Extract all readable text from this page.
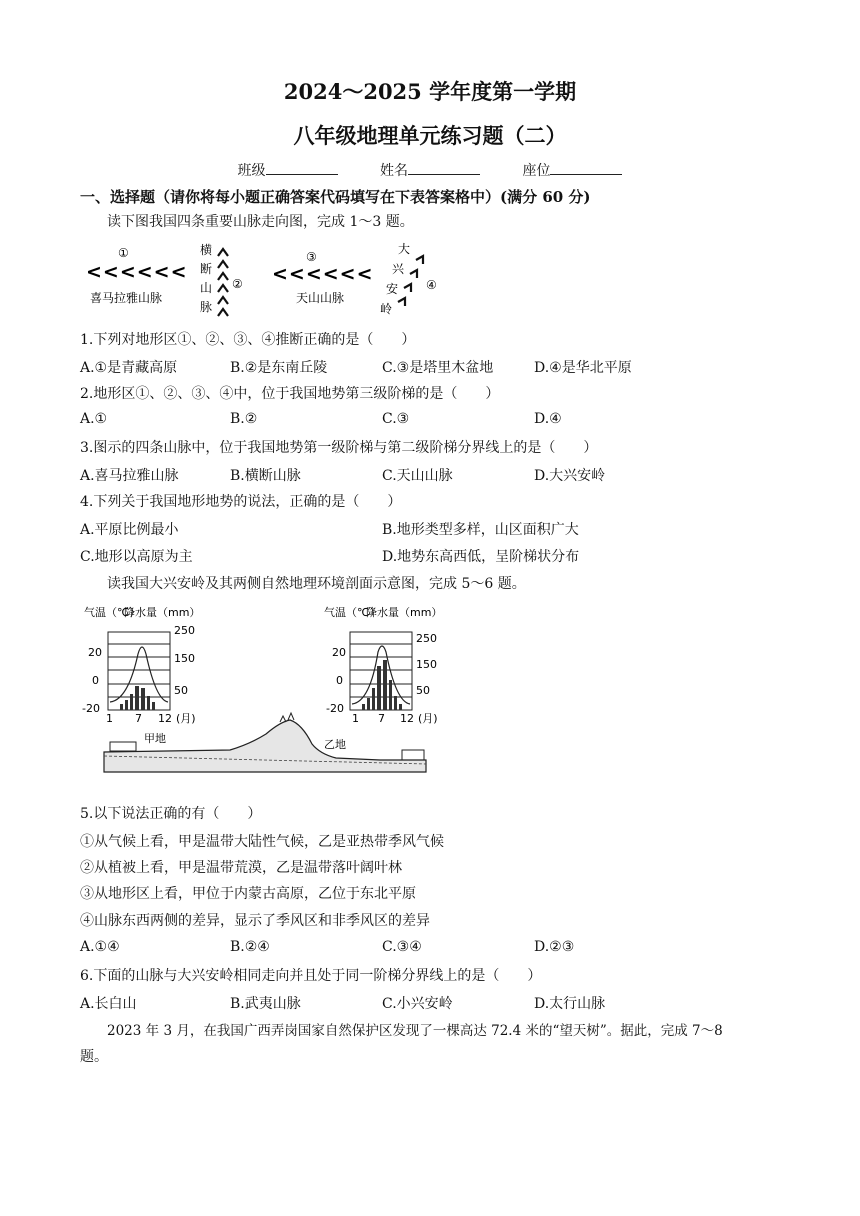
2024～2025 学年度第一学期
八年级地理单元练习题（二）
班级	姓名	座位
一、选择题（请你将每小题正确答案代码填写在下表答案格中）(满分 60 分)
读下图我国四条重要山脉走向图，完成 1～3 题。
①
<<<<<<
喜马拉雅山脉
横
断
山
脉
②
③
<<<<<<
天山山脉
大
兴
安
岭
④
1.下列对地形区①、②、③、④推断正确的是（　　）
A.①是青藏高原	B.②是东南丘陵	C.③是塔里木盆地	D.④是华北平原
2.地形区①、②、③、④中，位于我国地势第三级阶梯的是（　　）
A.①	B.②	C.③	D.④
3.图示的四条山脉中，位于我国地势第一级阶梯与第二级阶梯分界线上的是（　　）
A.喜马拉雅山脉	B.横断山脉	C.天山山脉	D.大兴安岭
4.下列关于我国地形地势的说法，正确的是（　　）
A.平原比例最小	B.地形类型多样，山区面积广大
C.地形以高原为主	D.地势东高西低，呈阶梯状分布
读我国大兴安岭及其两侧自然地理环境剖面示意图，完成 5～6 题。
气温（℃）
降水量（mm）
20
0
-20
250
150
50
1 7 12 (月)
气温（℃）
降水量（mm）
20
0
-20
250
150
50
1 7 12 (月)
甲地	乙地
5.以下说法正确的有（　　）
①从气候上看，甲是温带大陆性气候，乙是亚热带季风气候
②从植被上看，甲是温带荒漠，乙是温带落叶阔叶林
③从地形区上看，甲位于内蒙古高原，乙位于东北平原
④山脉东西两侧的差异，显示了季风区和非季风区的差异
A.①④	B.②④	C.③④	D.②③
6.下面的山脉与大兴安岭相同走向并且处于同一阶梯分界线上的是（　　）
A.长白山	B.武夷山脉	C.小兴安岭	D.太行山脉
2023 年 3 月，在我国广西弄岗国家自然保护区发现了一棵高达 72.4 米的“望天树”。据此，完成 7～8
题。
